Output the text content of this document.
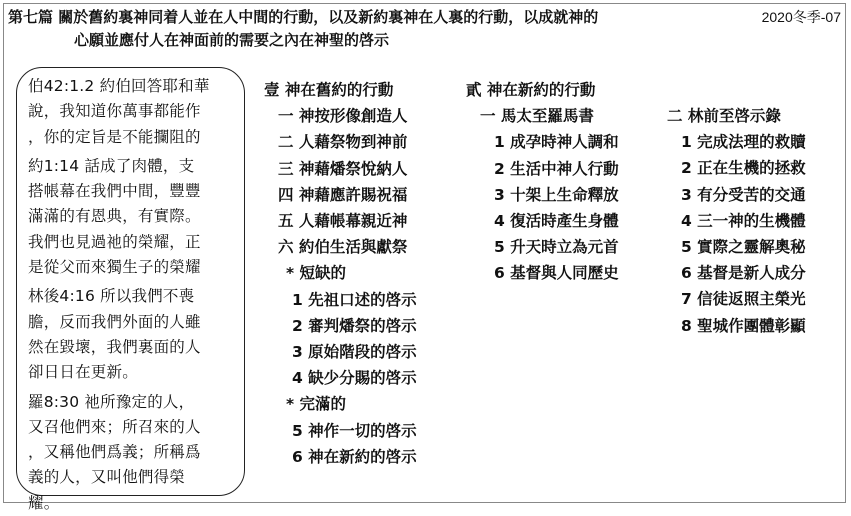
第七篇 關於舊約裏神同着人並在人中間的行動，以及新約裏神在人裏的行動，以成就神的
心願並應付人在神面前的需要之內在神聖的啓示
2020冬季-07
伯42:1.2 約伯回答耶和華
說，我知道你萬事都能作
，你的定旨是不能攔阻的
約1:14 話成了肉體，支
搭帳幕在我們中間，豐豐
滿滿的有恩典，有實際。
我們也見過祂的榮耀，正
是從父而來獨生子的榮耀
林後4:16 所以我們不喪
膽，反而我們外面的人雖
然在毀壞，我們裏面的人
卻日日在更新。
羅8:30 祂所豫定的人，
又召他們來；所召來的人
，又稱他們爲義；所稱爲
義的人，又叫他們得榮
耀。
壹 神在舊約的行動
一 神按形像創造人
二 人藉祭物到神前
三 神藉燔祭悅納人
四 神藉應許賜祝福
五 人藉帳幕親近神
六 約伯生活與獻祭
* 短缺的
1 先祖口述的啓示
2 審判燔祭的啓示
3 原始階段的啓示
4 缺少分賜的啓示
* 完滿的
5 神作一切的啓示
6 神在新約的啓示
貳 神在新約的行動
一 馬太至羅馬書
1 成孕時神人調和
2 生活中神人行動
3 十架上生命釋放
4 復活時產生身體
5 升天時立為元首
6 基督與人同歷史
二 林前至啓示錄
1 完成法理的救贖
2 正在生機的拯救
3 有分受苦的交通
4 三一神的生機體
5 實際之靈解奧秘
6 基督是新人成分
7 信徒返照主榮光
8 聖城作團體彰顯
